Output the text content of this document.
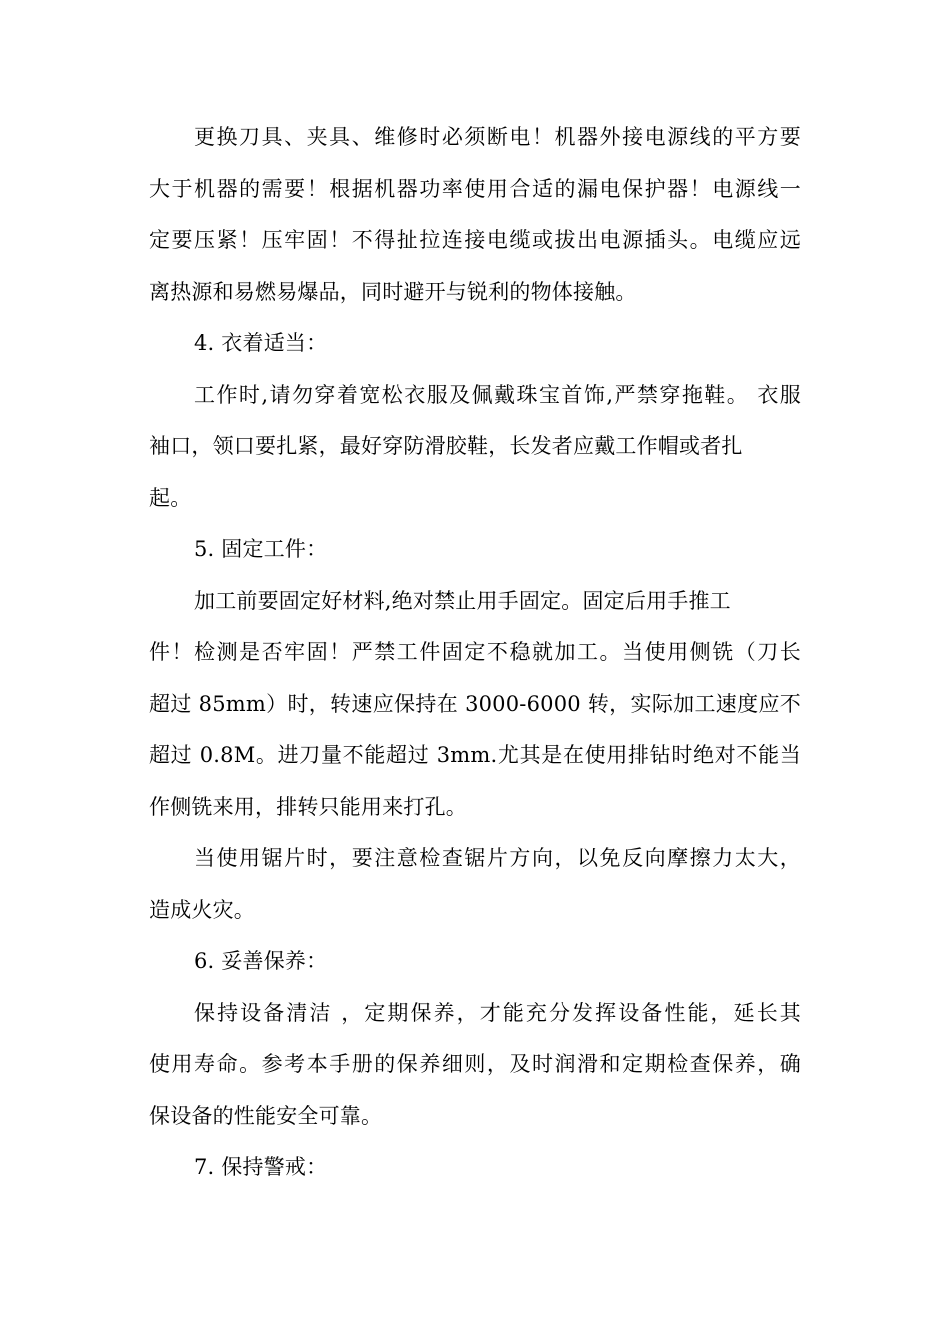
更换刀具、夹具、维修时必须断电！机器外接电源线的平方要
大于机器的需要！根据机器功率使用合适的漏电保护器！电源线一
定要压紧！压牢固！不得扯拉连接电缆或拔出电源插头。电缆应远
离热源和易燃易爆品，同时避开与锐利的物体接触。
4. 衣着适当：
工作时,请勿穿着宽松衣服及佩戴珠宝首饰,严禁穿拖鞋。 衣服
袖口，领口要扎紧，最好穿防滑胶鞋，长发者应戴工作帽或者扎
起。
5. 固定工件：
加工前要固定好材料,绝对禁止用手固定。固定后用手推工
件！检测是否牢固！严禁工件固定不稳就加工。当使用侧铣（刀长
超过 85mm）时，转速应保持在 3000-6000 转，实际加工速度应不
超过 0.8M。进刀量不能超过 3mm.尤其是在使用排钻时绝对不能当
作侧铣来用，排转只能用来打孔。
当使用锯片时，要注意检查锯片方向，以免反向摩擦力太大，
造成火灾。
6. 妥善保养：
保持设备清洁 ，定期保养，才能充分发挥设备性能，延长其
使用寿命。参考本手册的保养细则，及时润滑和定期检查保养，确
保设备的性能安全可靠。
7. 保持警戒：
